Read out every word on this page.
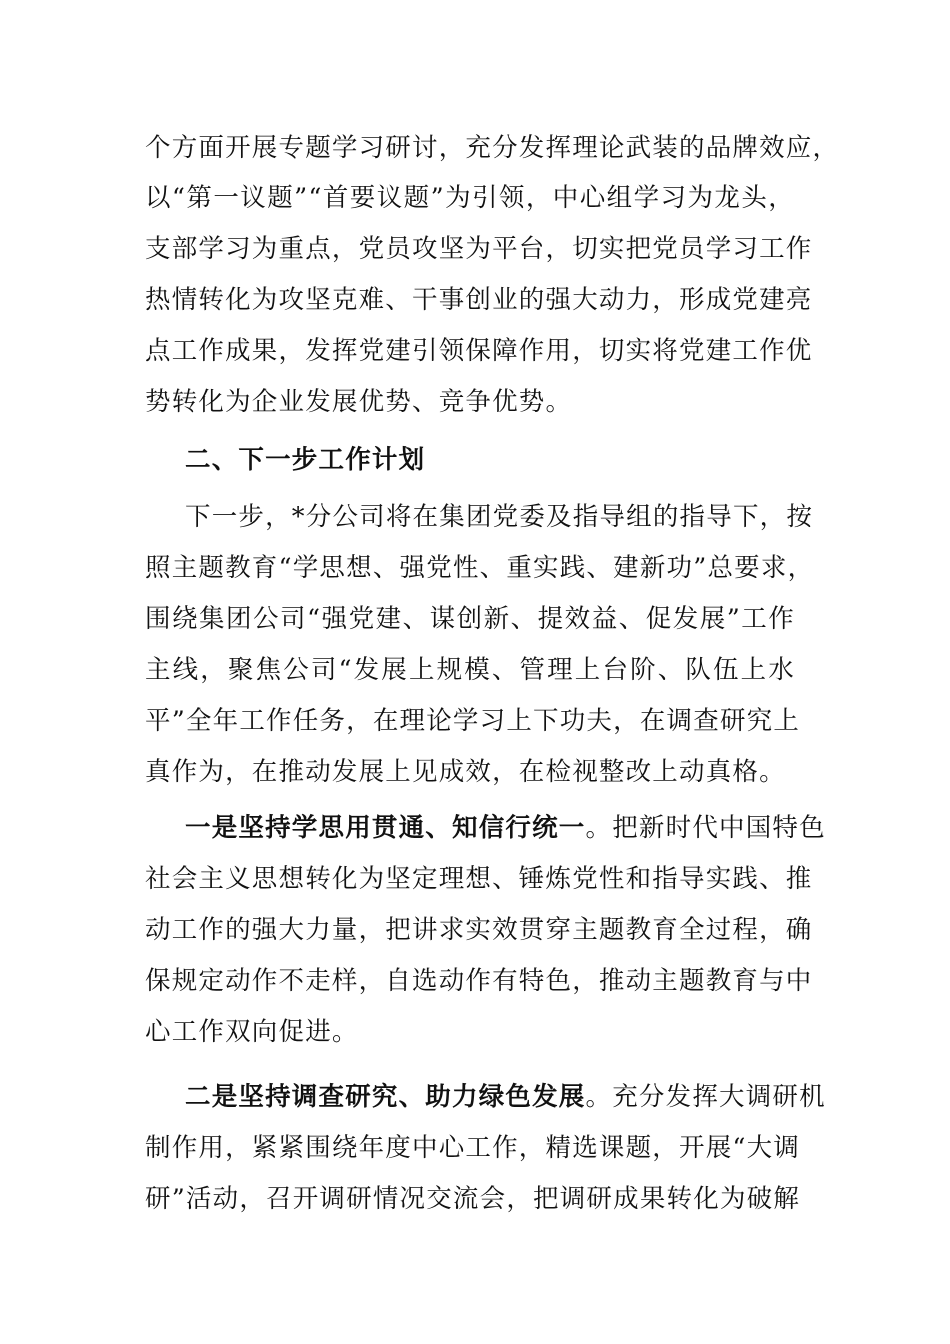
个方面开展专题学习研讨，充分发挥理论武装的品牌效应，
以“第一议题”“首要议题”为引领，中心组学习为龙头，
支部学习为重点，党员攻坚为平台，切实把党员学习工作
热情转化为攻坚克难、干事创业的强大动力，形成党建亮
点工作成果，发挥党建引领保障作用，切实将党建工作优
势转化为企业发展优势、竞争优势。
二、下一步工作计划
下一步，*分公司将在集团党委及指导组的指导下，按
照主题教育“学思想、强党性、重实践、建新功”总要求，
围绕集团公司“强党建、谋创新、提效益、促发展”工作
主线，聚焦公司“发展上规模、管理上台阶、队伍上水
平”全年工作任务，在理论学习上下功夫，在调查研究上
真作为，在推动发展上见成效，在检视整改上动真格。
一是坚持学思用贯通、知信行统一。把新时代中国特色
社会主义思想转化为坚定理想、锤炼党性和指导实践、推
动工作的强大力量，把讲求实效贯穿主题教育全过程，确
保规定动作不走样，自选动作有特色，推动主题教育与中
心工作双向促进。
二是坚持调查研究、助力绿色发展。充分发挥大调研机
制作用，紧紧围绕年度中心工作，精选课题，开展“大调
研”活动，召开调研情况交流会，把调研成果转化为破解
